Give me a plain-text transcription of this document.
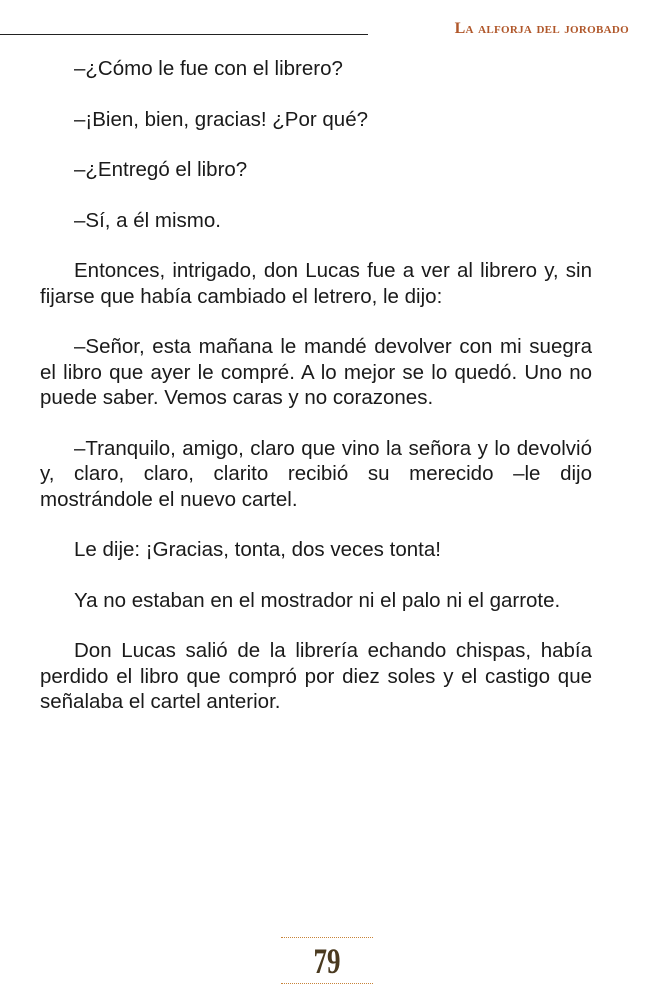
La alforja del jorobado

–¿Cómo le fue con el librero?

–¡Bien, bien, gracias! ¿Por qué?

–¿Entregó el libro?

–Sí, a él mismo.

Entonces, intrigado, don Lucas fue a ver al librero y, sin fijarse que había cambiado el letrero, le dijo:

–Señor, esta mañana le mandé devolver con mi suegra el libro que ayer le compré. A lo mejor se lo quedó. Uno no puede saber. Vemos caras y no corazones.

–Tranquilo, amigo, claro que vino la señora y lo devolvió y, claro, claro, clarito recibió su merecido –le dijo mostrándole el nuevo cartel.

Le dije: ¡Gracias, tonta, dos veces tonta!

Ya no estaban en el mostrador ni el palo ni el garrote.

Don Lucas salió de la librería echando chispas, había perdido el libro que compró por diez soles y el castigo que señalaba el cartel anterior.

79
